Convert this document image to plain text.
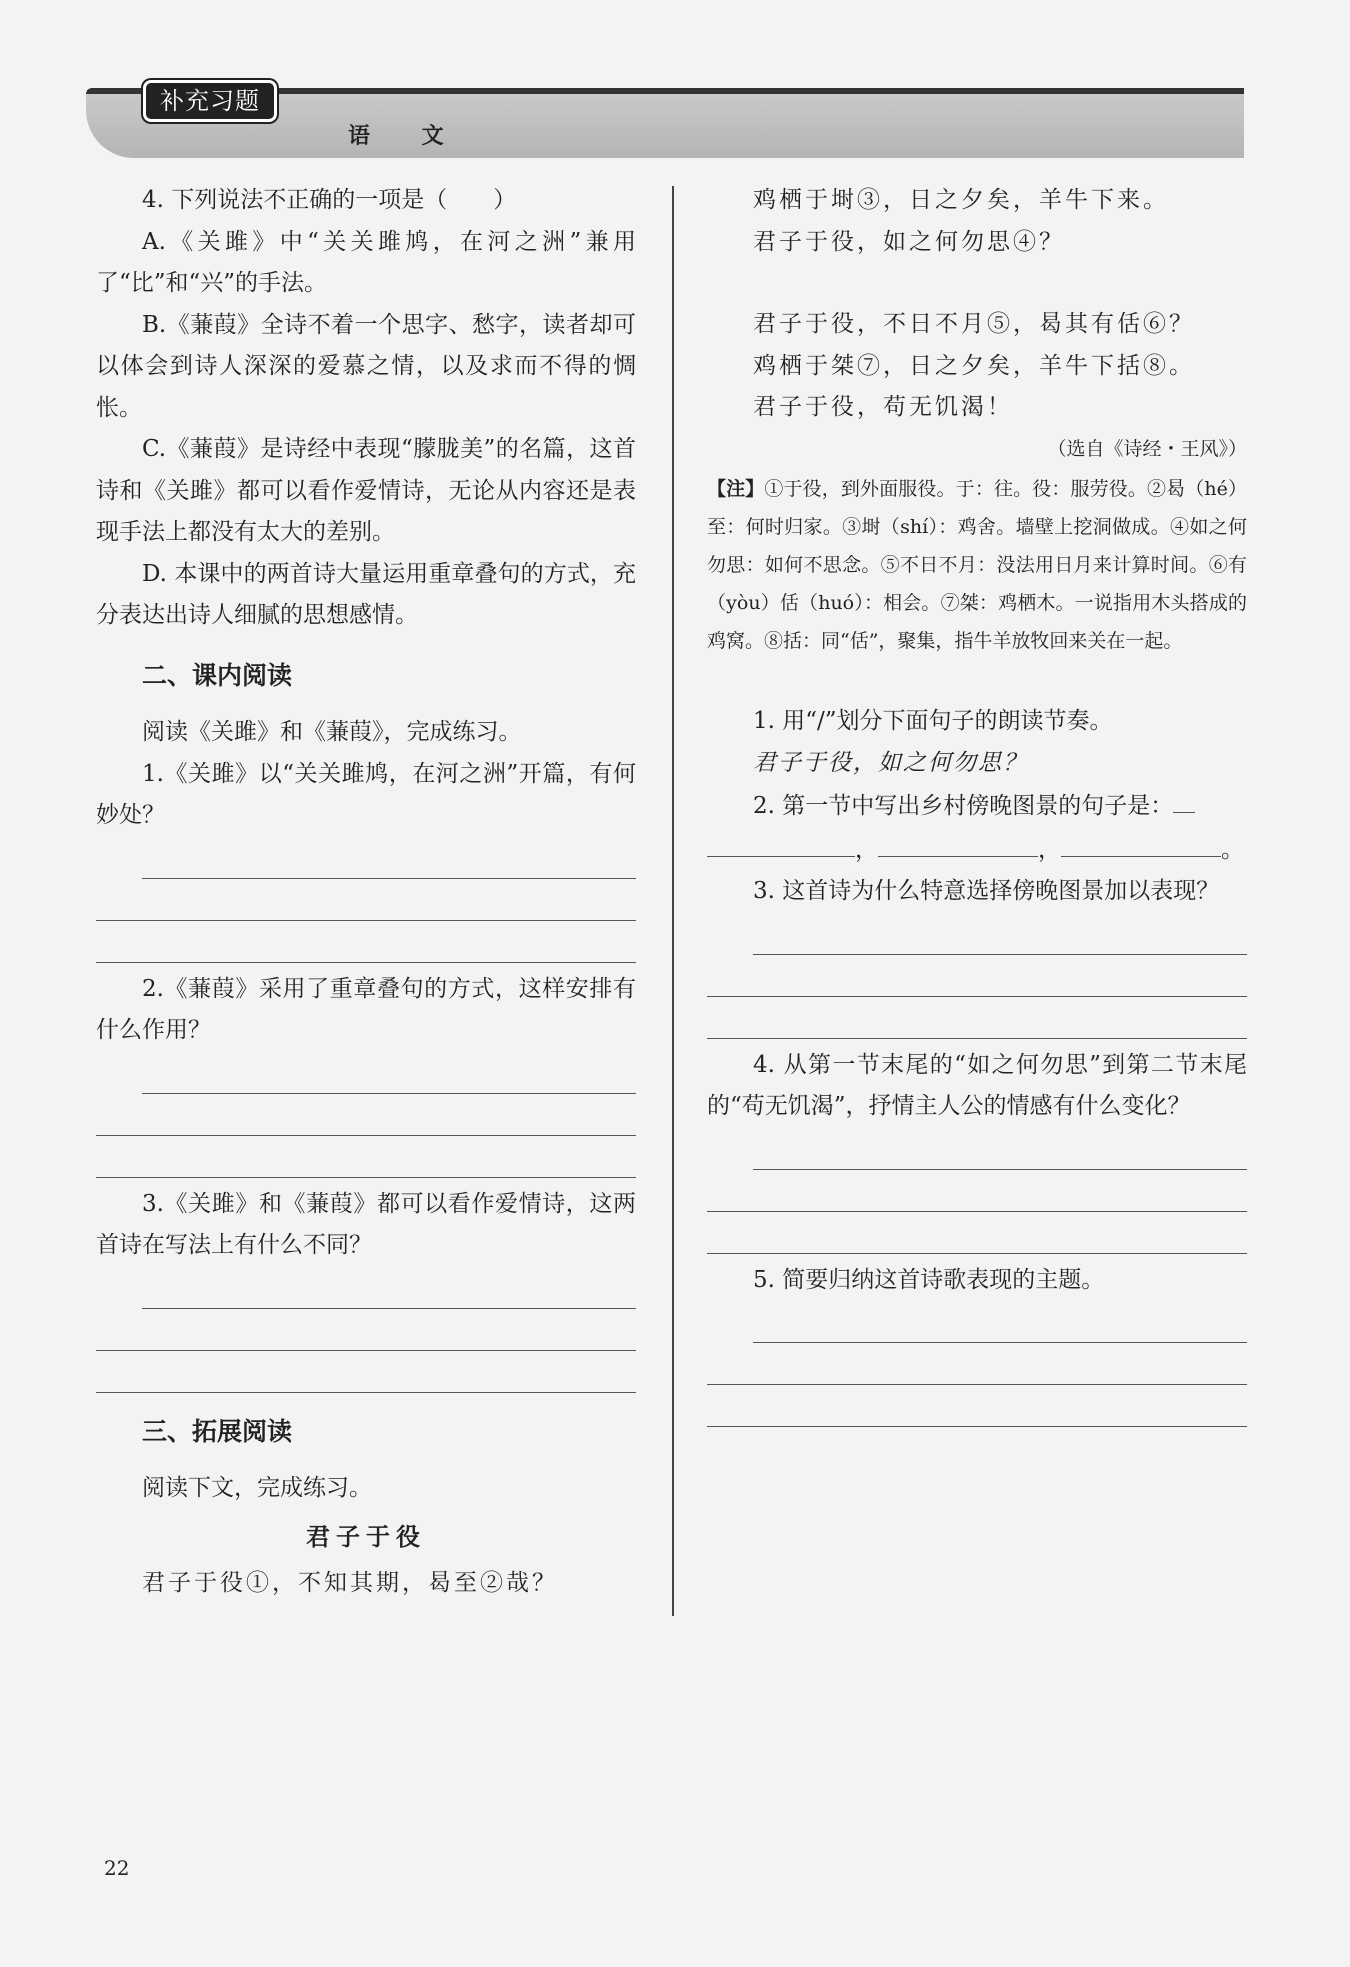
补充习题
语 文

4. 下列说法不正确的一项是（　　）

A.《关雎》中“关关雎鸠，在河之洲”兼用了“比”和“兴”的手法。

B.《蒹葭》全诗不着一个思字、愁字，读者却可以体会到诗人深深的爱慕之情，以及求而不得的惆怅。

C.《蒹葭》是诗经中表现“朦胧美”的名篇，这首诗和《关雎》都可以看作爱情诗，无论从内容还是表现手法上都没有太大的差别。

D. 本课中的两首诗大量运用重章叠句的方式，充分表达出诗人细腻的思想感情。

二、课内阅读

阅读《关雎》和《蒹葭》，完成练习。

1.《关雎》以“关关雎鸠，在河之洲”开篇，有何妙处？

2.《蒹葭》采用了重章叠句的方式，这样安排有什么作用？

3.《关雎》和《蒹葭》都可以看作爱情诗，这两首诗在写法上有什么不同？

三、拓展阅读

阅读下文，完成练习。

君子于役

君子于役①，不知其期，曷至②哉？

鸡栖于埘③，日之夕矣，羊牛下来。

君子于役，如之何勿思④？

君子于役，不日不月⑤，曷其有佸⑥？

鸡栖于桀⑦，日之夕矣，羊牛下括⑧。

君子于役，苟无饥渴！

（选自《诗经・王风》）

【注】①于役，到外面服役。于：往。役：服劳役。②曷（hé）至：何时归家。③埘（shí）：鸡舍。墙壁上挖洞做成。④如之何勿思：如何不思念。⑤不日不月：没法用日月来计算时间。⑥有（yòu）佸（huó）：相会。⑦桀：鸡栖木。一说指用木头搭成的鸡窝。⑧括：同“佸”，聚集，指牛羊放牧回来关在一起。

1. 用“/”划分下面句子的朗读节奏。

君子于役，如之何勿思？

2. 第一节中写出乡村傍晚图景的句子是：

，	，	。

3. 这首诗为什么特意选择傍晚图景加以表现？

4. 从第一节末尾的“如之何勿思”到第二节末尾的“苟无饥渴”，抒情主人公的情感有什么变化？

5. 简要归纳这首诗歌表现的主题。

22
